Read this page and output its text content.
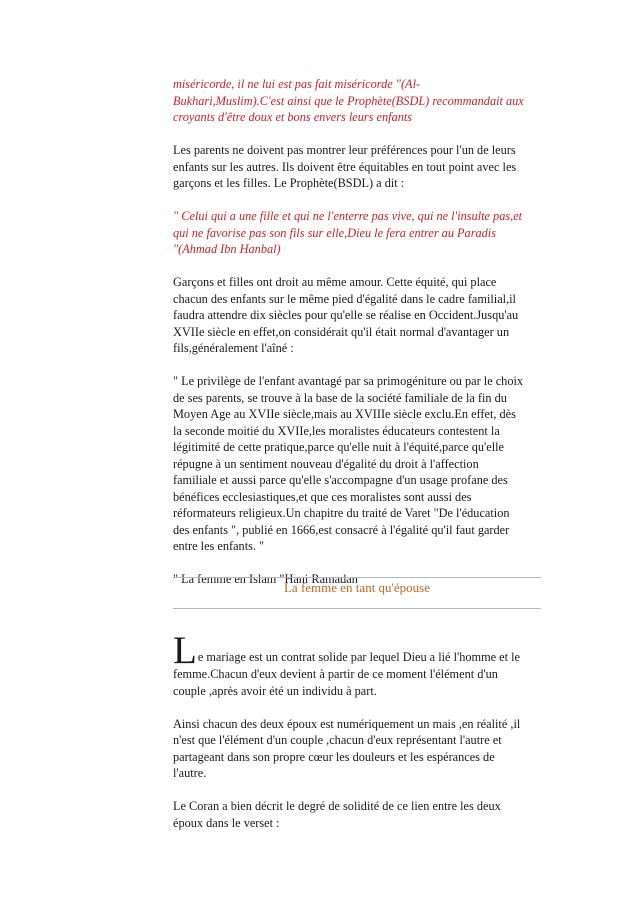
miséricorde, il ne lui est pas fait miséricorde "(Al-
Bukhari,Muslim).C'est ainsi que le Prophète(BSDL) recommandait aux
croyants d'être doux et bons envers leurs enfants

Les parents ne doivent pas montrer leur préférences pour l'un de leurs
enfants sur les autres. Ils doivent être équitables en tout point avec les
garçons et les filles. Le Prophète(BSDL) a dit :

" Celui qui a une fille et qui ne l'enterre pas vive, qui ne l'insulte pas,et
qui ne favorise pas son fils sur elle,Dieu le fera entrer au Paradis
"(Ahmad Ibn Hanbal)

Garçons et filles ont droit au même amour. Cette équité, qui place
chacun des enfants sur le même pied d'égalité dans le cadre familial,il
faudra attendre dix siècles pour qu'elle se réalise en Occident.Jusqu'au
XVIIe siècle en effet,on considérait qu'il était normal d'avantager un
fils,généralement l'aîné :

" Le privilège de l'enfant avantagé par sa primogéniture ou par le choix
de ses parents, se trouve à la base de la société familiale de la fin du
Moyen Age au XVIIe siècle,mais au XVIIIe siècle exclu.En effet, dès
la seconde moitié du XVIIe,les moralistes éducateurs contestent la
légitimité de cette pratique,parce qu'elle nuit à l'équité,parce qu'elle
répugne à un sentiment nouveau d'égalité du droit à l'affection
familiale et aussi parce qu'elle s'accompagne d'un usage profane des
bénéfices ecclesiastiques,et que ces moralistes sont aussi des
réformateurs religieux.Un chapitre du traité de Varet "De l'éducation
des enfants ", publié en 1666,est consacré à l'égalité qu'il faut garder
entre les enfants. "

" La femme en Islam "Hani Ramadan

La femme en tant qu'épouse

Le mariage est un contrat solide par lequel Dieu a lié l'homme et le
femme.Chacun d'eux devient à partir de ce moment l'élément d'un
couple ,après avoir été un individu à part.

Ainsi chacun des deux époux est numériquement un mais ,en réalité ,il
n'est que l'élément d'un couple ,chacun d'eux représentant l'autre et
partageant dans son propre cœur les douleurs et les espérances de
l'autre.

Le Coran a bien décrit le degré de solidité de ce lien entre les deux
époux dans le verset :
